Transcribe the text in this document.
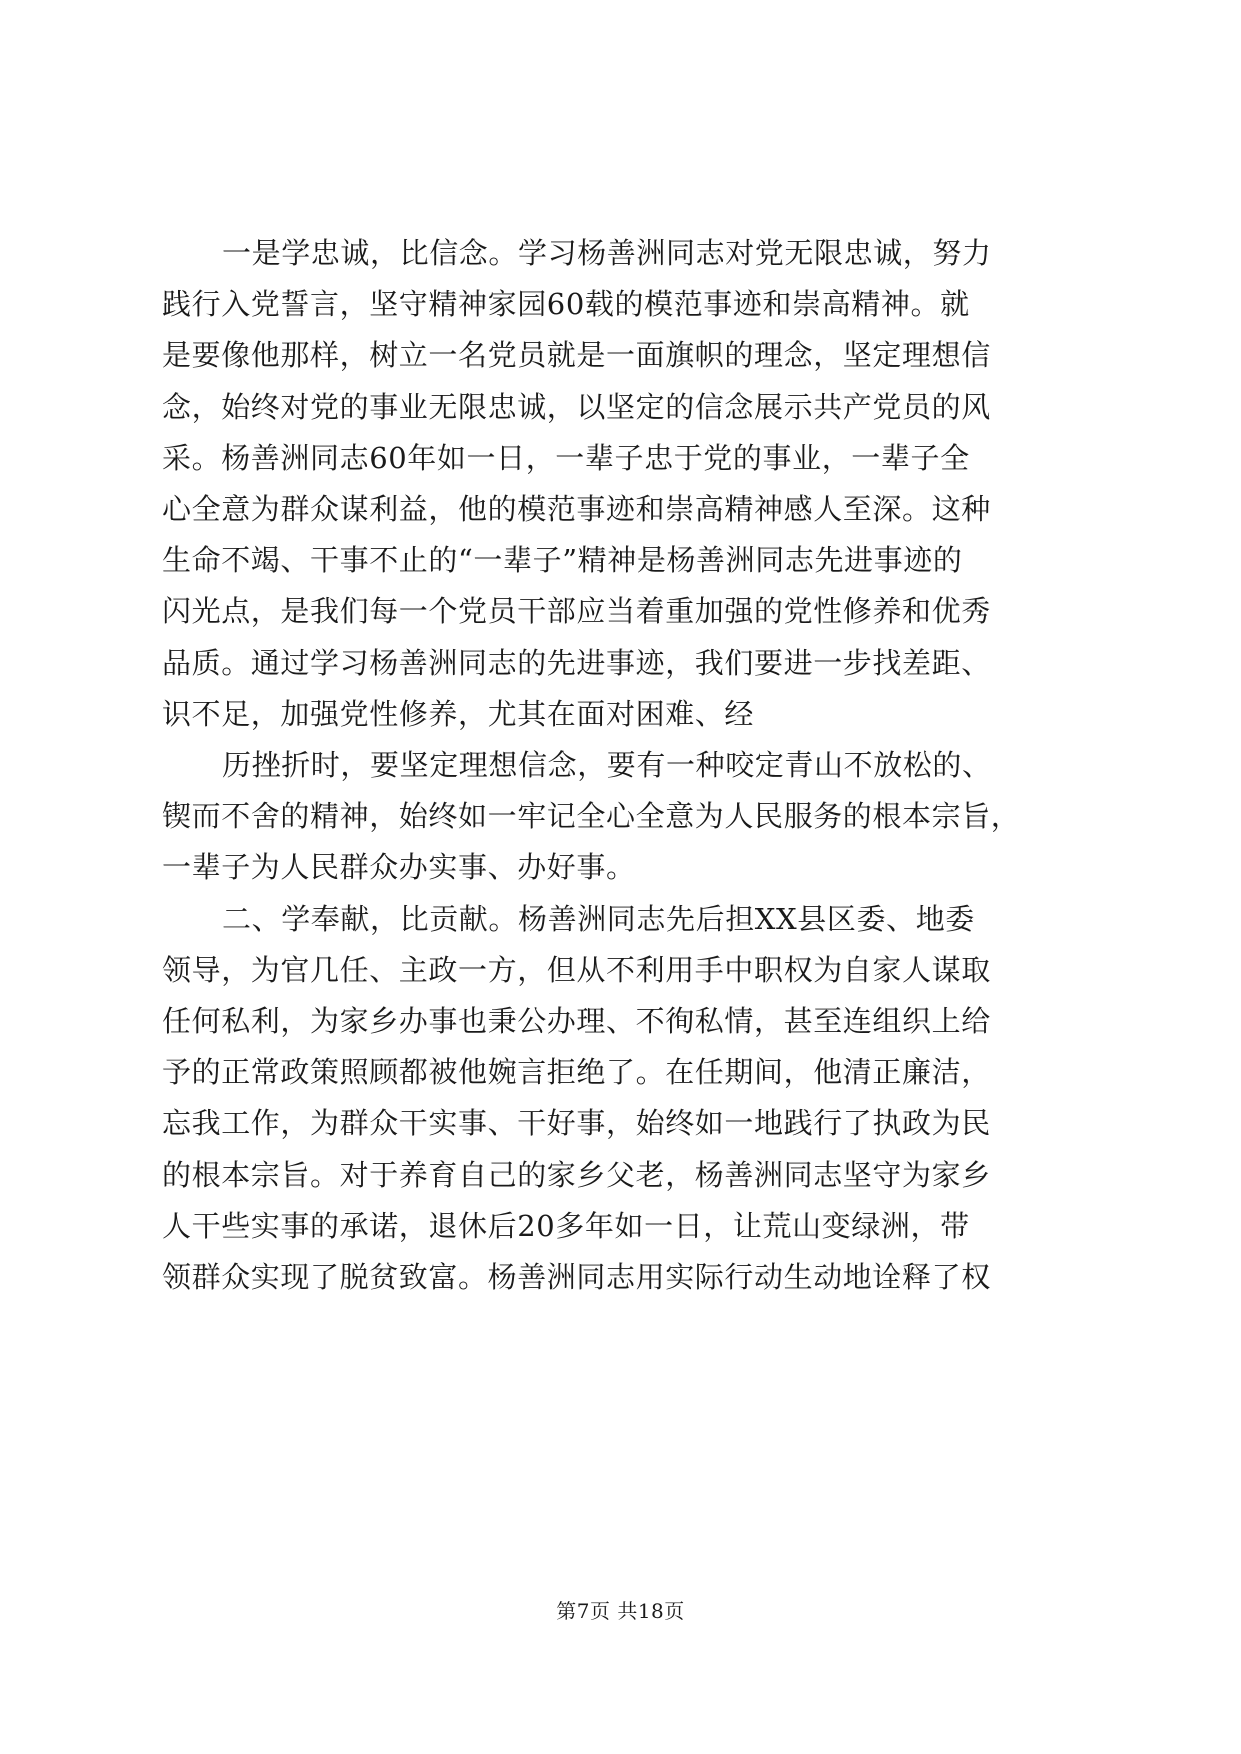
一是学忠诚，比信念。学习杨善洲同志对党无限忠诚，努力
践行入党誓言，坚守精神家园60载的模范事迹和崇高精神。就
是要像他那样，树立一名党员就是一面旗帜的理念，坚定理想信
念，始终对党的事业无限忠诚，以坚定的信念展示共产党员的风
采。杨善洲同志60年如一日，一辈子忠于党的事业，一辈子全
心全意为群众谋利益，他的模范事迹和崇高精神感人至深。这种
生命不竭、干事不止的“一辈子”精神是杨善洲同志先进事迹的
闪光点，是我们每一个党员干部应当着重加强的党性修养和优秀
品质。通过学习杨善洲同志的先进事迹，我们要进一步找差距、
识不足，加强党性修养，尤其在面对困难、经

历挫折时，要坚定理想信念，要有一种咬定青山不放松的、
锲而不舍的精神，始终如一牢记全心全意为人民服务的根本宗旨，
一辈子为人民群众办实事、办好事。

二、学奉献，比贡献。杨善洲同志先后担XX县区委、地委
领导，为官几任、主政一方，但从不利用手中职权为自家人谋取
任何私利，为家乡办事也秉公办理、不徇私情，甚至连组织上给
予的正常政策照顾都被他婉言拒绝了。在任期间，他清正廉洁，
忘我工作，为群众干实事、干好事，始终如一地践行了执政为民
的根本宗旨。对于养育自己的家乡父老，杨善洲同志坚守为家乡
人干些实事的承诺，退休后20多年如一日，让荒山变绿洲，带
领群众实现了脱贫致富。杨善洲同志用实际行动生动地诠释了权

第7页 共18页
